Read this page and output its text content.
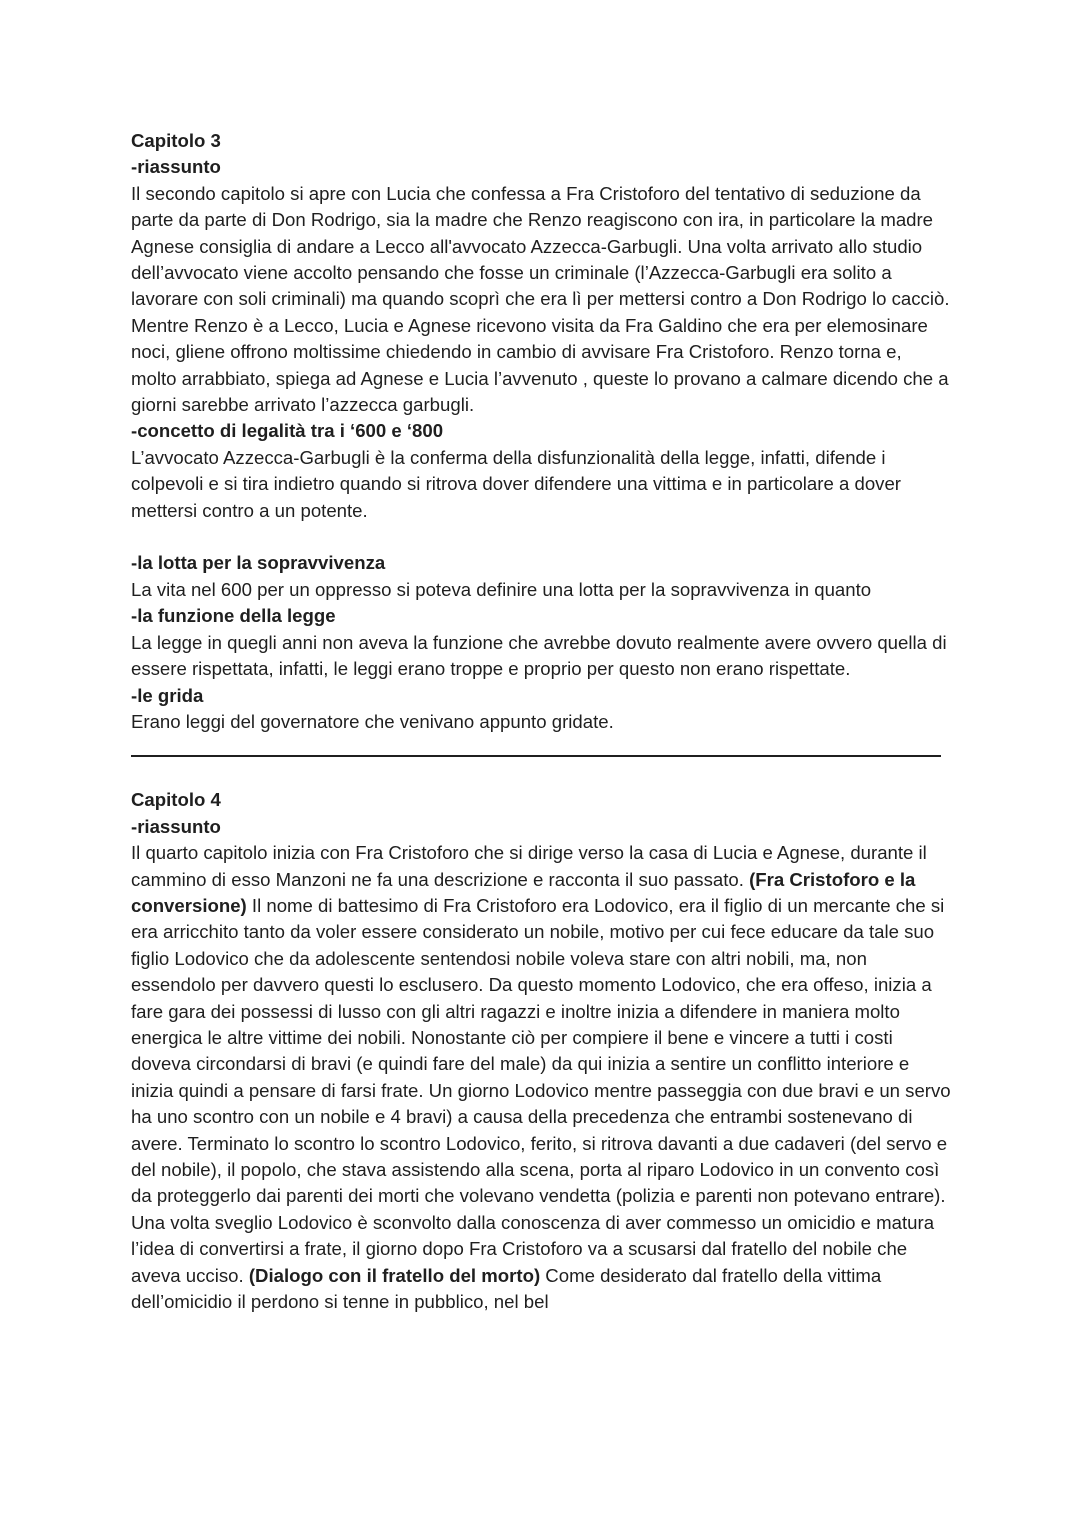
Capitolo 3
-riassunto

Il secondo capitolo si apre con Lucia che confessa a Fra Cristoforo del tentativo di seduzione da parte da parte di Don Rodrigo, sia la madre che Renzo reagiscono con ira, in particolare la madre Agnese consiglia di andare a Lecco all'avvocato Azzecca-Garbugli. Una volta arrivato allo studio dell’avvocato viene accolto pensando che fosse un criminale (l’Azzecca-Garbugli era solito a lavorare con soli criminali) ma quando scoprì che era lì per mettersi contro a Don Rodrigo lo cacciò. Mentre Renzo è a Lecco, Lucia e Agnese ricevono visita da Fra Galdino che era per elemosinare noci, gliene offrono moltissime chiedendo in cambio di avvisare Fra Cristoforo. Renzo torna e, molto arrabbiato, spiega ad Agnese e Lucia l’avvenuto , queste lo provano a calmare dicendo che a giorni sarebbe arrivato l’azzecca garbugli.

-concetto di legalità tra i ‘600 e ‘800

L’avvocato Azzecca-Garbugli è la conferma della disfunzionalità della legge, infatti, difende i colpevoli e si tira indietro quando si ritrova dover difendere una vittima e in particolare a dover mettersi contro a un potente.

-la lotta per la sopravvivenza

La vita nel 600 per un oppresso si poteva definire una lotta per la sopravvivenza in quanto

-la funzione della legge

La legge in quegli anni non aveva la funzione che avrebbe dovuto realmente avere ovvero quella di essere rispettata, infatti, le leggi erano troppe e proprio per questo non erano rispettate.

-le grida

Erano leggi del governatore che venivano appunto gridate.

Capitolo 4
-riassunto

Il quarto capitolo inizia con Fra Cristoforo che si dirige verso la casa di Lucia e Agnese, durante il cammino di esso Manzoni ne fa una descrizione e racconta il suo passato. (Fra Cristoforo e la conversione) Il nome di battesimo di Fra Cristoforo era Lodovico, era il figlio di un mercante che si era arricchito tanto da voler essere considerato un nobile, motivo per cui fece educare da tale suo figlio Lodovico che da adolescente sentendosi nobile voleva stare con altri nobili, ma, non essendolo per davvero questi lo esclusero. Da questo momento Lodovico, che era offeso, inizia a fare gara dei possessi di lusso con gli altri ragazzi e inoltre inizia a difendere in maniera molto energica le altre vittime dei nobili. Nonostante ciò per compiere il bene e vincere a tutti i costi doveva circondarsi di bravi (e quindi fare del male) da qui inizia a sentire un conflitto interiore e inizia quindi a pensare di farsi frate. Un giorno Lodovico mentre passeggia con due bravi e un servo ha uno scontro con un nobile e 4 bravi) a causa della precedenza che entrambi sostenevano di avere. Terminato lo scontro lo scontro Lodovico, ferito, si ritrova davanti a due cadaveri (del servo e del nobile), il popolo, che stava assistendo alla scena, porta al riparo Lodovico in un convento così da proteggerlo dai parenti dei morti che volevano vendetta (polizia e parenti non potevano entrare). Una volta sveglio Lodovico è sconvolto dalla conoscenza di aver commesso un omicidio e matura l’idea di convertirsi a frate, il giorno dopo Fra Cristoforo va a scusarsi dal fratello del nobile che aveva ucciso. (Dialogo con il fratello del morto) Come desiderato dal fratello della vittima dell’omicidio il perdono si tenne in pubblico, nel bel
